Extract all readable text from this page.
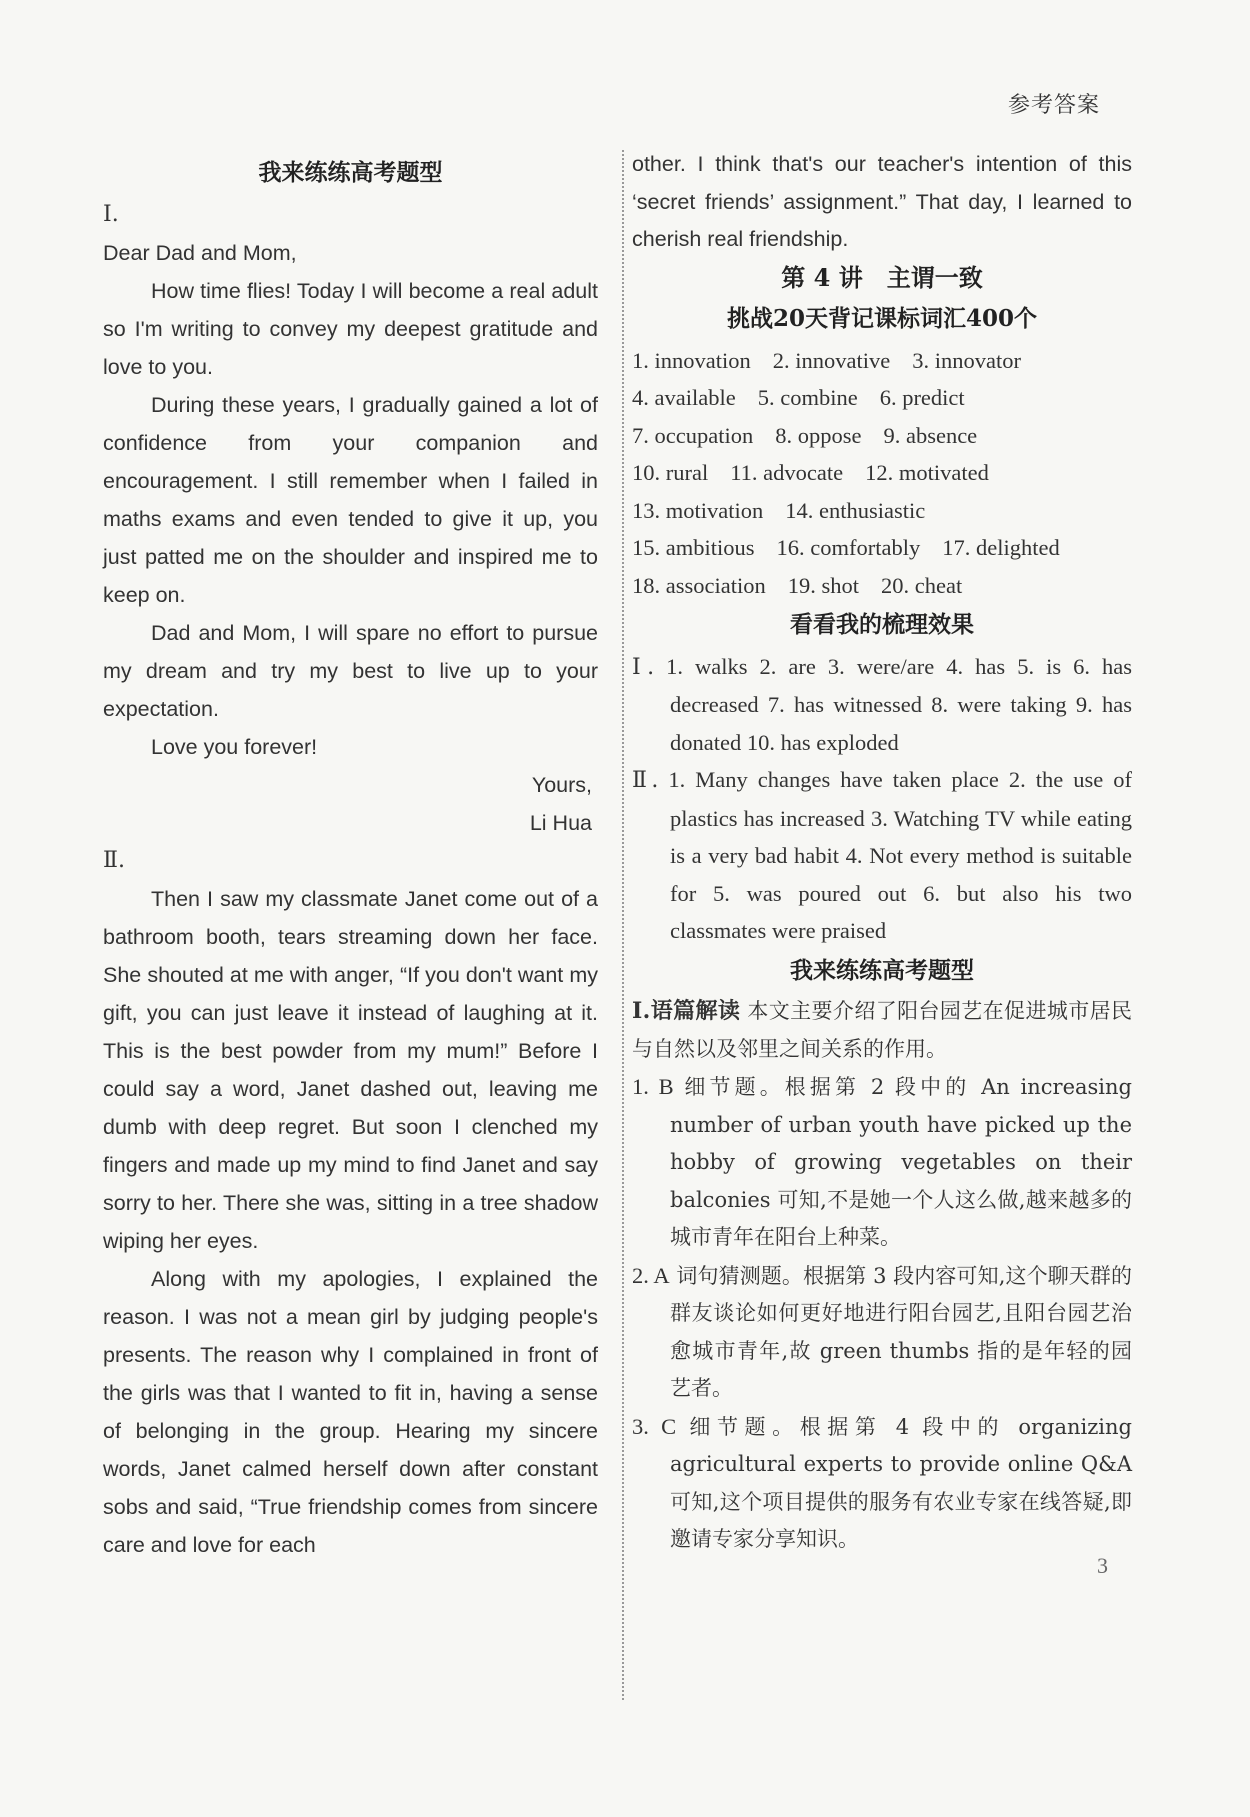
参考答案
我来练练高考题型
Ⅰ.

Dear Dad and Mom,

How time flies! Today I will become a real adult so I'm writing to convey my deepest gratitude and love to you.

During these years, I gradually gained a lot of confidence from your companion and encouragement. I still remember when I failed in maths exams and even tended to give it up, you just patted me on the shoulder and inspired me to keep on.

Dad and Mom, I will spare no effort to pursue my dream and try my best to live up to your expectation.

Love you forever!

Yours,

Li Hua

Ⅱ.

Then I saw my classmate Janet come out of a bathroom booth, tears streaming down her face. She shouted at me with anger, “If you don't want my gift, you can just leave it instead of laughing at it. This is the best powder from my mum!” Before I could say a word, Janet dashed out, leaving me dumb with deep regret. But soon I clenched my fingers and made up my mind to find Janet and say sorry to her. There she was, sitting in a tree shadow wiping her eyes.

Along with my apologies, I explained the reason. I was not a mean girl by judging people's presents. The reason why I complained in front of the girls was that I wanted to fit in, having a sense of belonging in the group. Hearing my sincere words, Janet calmed herself down after constant sobs and said, “True friendship comes from sincere care and love for each

other. I think that's our teacher's intention of this ‘secret friends’ assignment.” That day, I learned to cherish real friendship.

第 4 讲　主谓一致
挑战20天背记课标词汇400个

1. innovation 2. innovative 3. innovator

4. available 5. combine 6. predict

7. occupation 8. oppose 9. absence

10. rural 11. advocate 12. motivated

13. motivation 14. enthusiastic

15. ambitious 16. comfortably 17. delighted

18. association 19. shot 20. cheat

看看我的梳理效果
Ⅰ. 1. walks 2. are 3. were/are 4. has 5. is 6. has decreased 7. has witnessed 8. were taking 9. has donated 10. has exploded
Ⅱ. 1. Many changes have taken place 2. the use of plastics has increased 3. Watching TV while eating is a very bad habit 4. Not every method is suitable for 5. was poured out 6. but also his two classmates were praised
我来练练高考题型
Ⅰ.语篇解读 本文主要介绍了阳台园艺在促进城市居民与自然以及邻里之间关系的作用。
1. B 细节题。根据第 2 段中的 An increasing number of urban youth have picked up the hobby of growing vegetables on their balconies 可知,不是她一个人这么做,越来越多的城市青年在阳台上种菜。
2. A 词句猜测题。根据第 3 段内容可知,这个聊天群的群友谈论如何更好地进行阳台园艺,且阳台园艺治愈城市青年,故 green thumbs 指的是年轻的园艺者。
3. C 细节题。根据第 4 段中的 organizing agricultural experts to provide online Q&A 可知,这个项目提供的服务有农业专家在线答疑,即邀请专家分享知识。
3
